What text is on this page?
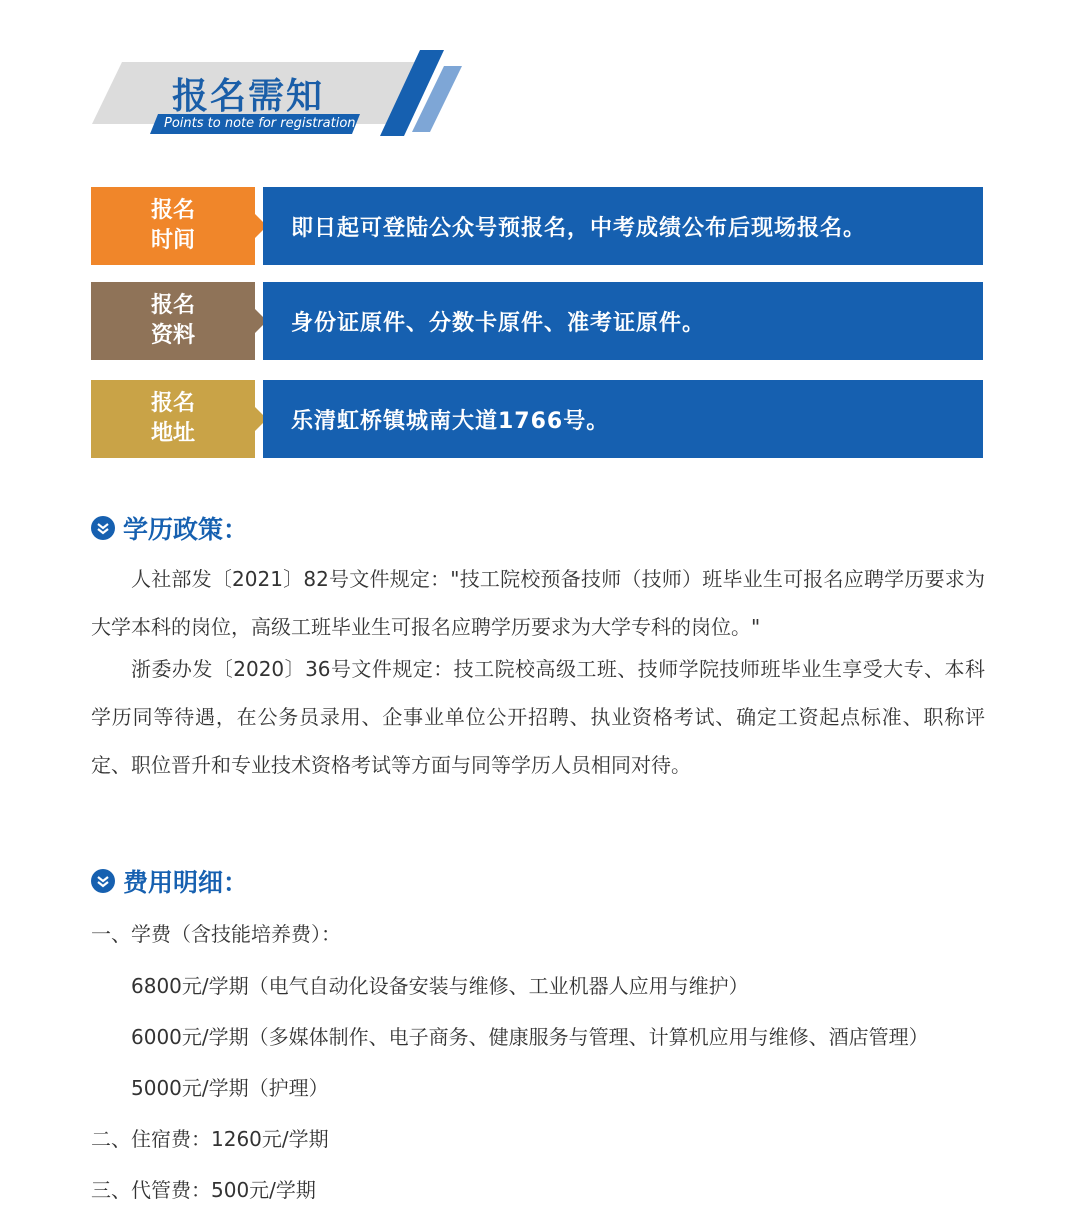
报名需知
Points to note for registration
报名时间	即日起可登陆公众号预报名，中考成绩公布后现场报名。
报名资料	身份证原件、分数卡原件、准考证原件。
报名地址	乐清虹桥镇城南大道1766号。
学历政策：

人社部发〔2021〕82号文件规定："技工院校预备技师（技师）班毕业生可报名应聘学历要求为大学本科的岗位，高级工班毕业生可报名应聘学历要求为大学专科的岗位。"

浙委办发〔2020〕36号文件规定：技工院校高级工班、技师学院技师班毕业生享受大专、本科学历同等待遇，在公务员录用、企事业单位公开招聘、执业资格考试、确定工资起点标准、职称评定、职位晋升和专业技术资格考试等方面与同等学历人员相同对待。

费用明细：
一、学费（含技能培养费）：
6800元/学期（电气自动化设备安装与维修、工业机器人应用与维护）
6000元/学期（多媒体制作、电子商务、健康服务与管理、计算机应用与维修、酒店管理）
5000元/学期（护理）
二、住宿费：1260元/学期
三、代管费：500元/学期
